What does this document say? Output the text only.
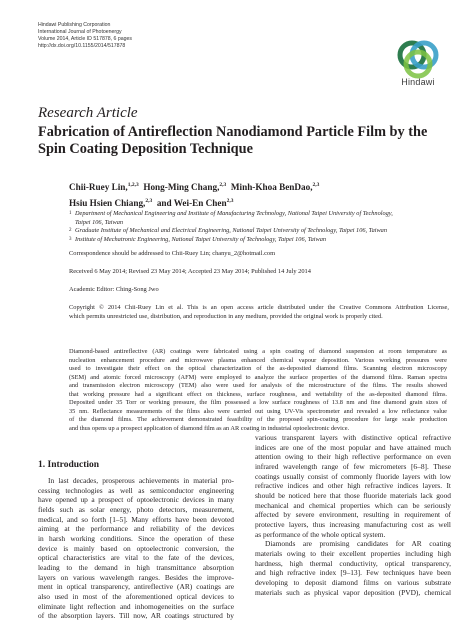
Hindawi Publishing Corporation
International Journal of Photoenergy
Volume 2014, Article ID 517878, 6 pages
http://dx.doi.org/10.1155/2014/517878
Hindawi
Research Article
Fabrication of Antireflection Nanodiamond Particle Film by the Spin Coating Deposition Technique
Chii-Ruey Lin,$^{1,2,3}$ Hong-Ming Chang,$^{2,3}$ Minh-Khoa BenDao,$^{2,3}$
Hsiu Hsien Chiang,$^{2,3}$ and Wei-En Chen$^{2,3}$
1 Department of Mechanical Engineering and Institute of Manufacturing Technology, National Taipei University of Technology,
Taipei 106, Taiwan
2 Graduate Institute of Mechanical and Electrical Engineering, National Taipei University of Technology, Taipei 106, Taiwan
3 Institute of Mechatronic Engineering, National Taipei University of Technology, Taipei 106, Taiwan
Correspondence should be addressed to Chii-Ruey Lin; chanyu_2@hotmail.com
Received 6 May 2014; Revised 23 May 2014; Accepted 23 May 2014; Published 14 July 2014
Academic Editor: Ching-Song Jwo
Copyright © 2014 Chii-Ruey Lin et al. This is an open access article distributed under the Creative Commons Attribution License,
which permits unrestricted use, distribution, and reproduction in any medium, provided the original work is properly cited.
Diamond-based antireflective (AR) coatings were fabricated using a spin coating of diamond suspension at room temperature as
nucleation enhancement procedure and microwave plasma enhanced chemical vapour deposition. Various working pressures were
used to investigate their effect on the optical characterization of the as-deposited diamond films. Scanning electron microscopy
(SEM) and atomic forced microscopy (AFM) were employed to analyze the surface properties of the diamond films. Raman spectra
and transmission electron microscopy (TEM) also were used for analysis of the microstructure of the films. The results showed
that working pressure had a significant effect on thickness, surface roughness, and wettability of the as-deposited diamond films.
Deposited under 35 Torr or working pressure, the film possessed a low surface roughness of 13.8 nm and fine diamond grain sizes of
35 nm. Reflectance measurements of the films also were carried out using UV-Vis spectrometer and revealed a low reflectance value
of the diamond films. The achievement demonstrated feasibility of the proposed spin-coating procedure for large scale production
and thus opens up a prospect application of diamond film as an AR coating in industrial optoelectronic device.
1. Introduction
In last decades, prosperous achievements in material pro-
cessing technologies as well as semiconductor engineering
have opened up a prospect of optoelectronic devices in many
fields such as solar energy, photo detectors, measurement,
medical, and so forth [1–5]. Many efforts have been devoted
aiming at the performance and reliability of the devices
in harsh working conditions. Since the operation of these
device is mainly based on optoelectronic conversion, the
optical characteristics are vital to the fate of the devices,
leading to the demand in high transmittance absorption
layers on various wavelength ranges. Besides the improve-
ment in optical transparency, antireflective (AR) coatings are
also used in most of the aforementioned optical devices to
eliminate light reflection and inhomogeneities on the surface
of the absorption layers. Till now, AR coatings structured by
various transparent layers with distinctive optical refractive
indices are one of the most popular and have attained much
attention owing to their high reflective performance on even
infrared wavelength range of few micrometers [6–8]. These
coatings usually consist of commonly fluoride layers with low
refractive indices and other high refractive indices layers. It
should be noticed here that those fluoride materials lack good
mechanical and chemical properties which can be seriously
affected by severe environment, resulting in requirement of
protective layers, thus increasing manufacturing cost as well
as performance of the whole optical system.
Diamonds are promising candidates for AR coating
materials owing to their excellent properties including high
hardness, high thermal conductivity, optical transparency,
and high refractive index [9–13]. Few techniques have been
developing to deposit diamond films on various substrate
materials such as physical vapor deposition (PVD), chemical
